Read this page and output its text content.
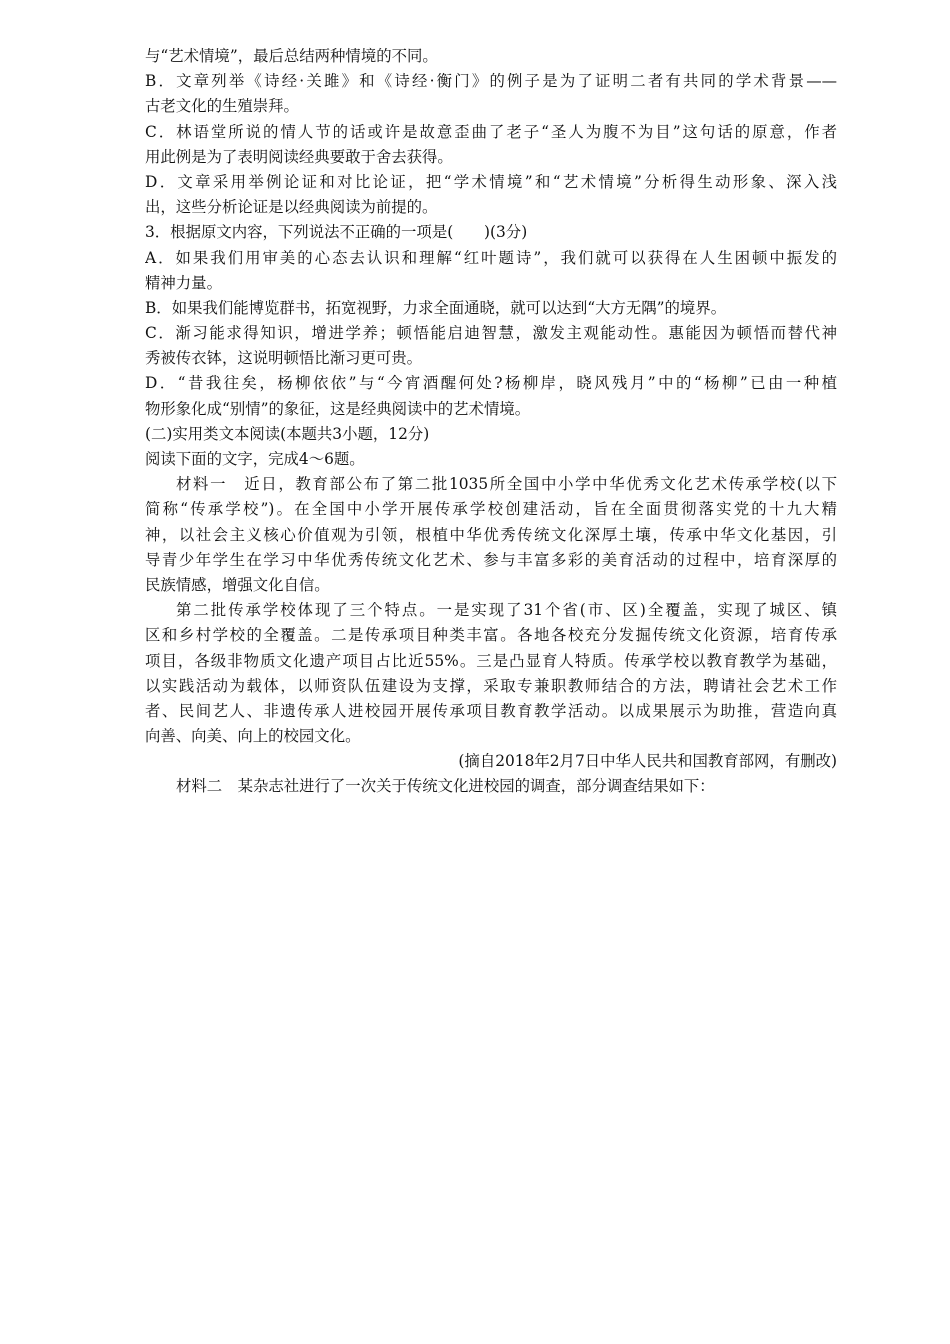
与“艺术情境”，最后总结两种情境的不同。
B．文章列举《诗经·关雎》和《诗经·衡门》的例子是为了证明二者有共同的学术背景——
古老文化的生殖崇拜。
C．林语堂所说的情人节的话或许是故意歪曲了老子“圣人为腹不为目”这句话的原意，作者
用此例是为了表明阅读经典要敢于舍去获得。
D．文章采用举例论证和对比论证，把“学术情境”和“艺术情境”分析得生动形象、深入浅
出，这些分析论证是以经典阅读为前提的。
3．根据原文内容，下列说法不正确的一项是(　　)(3分)
A．如果我们用审美的心态去认识和理解“红叶题诗”，我们就可以获得在人生困顿中振发的
精神力量。
B．如果我们能博览群书，拓宽视野，力求全面通晓，就可以达到“大方无隅”的境界。
C．渐习能求得知识，增进学养；顿悟能启迪智慧，激发主观能动性。惠能因为顿悟而替代神
秀被传衣钵，这说明顿悟比渐习更可贵。
D．“昔我往矣，杨柳依依”与“今宵酒醒何处?杨柳岸，晓风残月”中的“杨柳”已由一种植
物形象化成“别情”的象征，这是经典阅读中的艺术情境。
(二)实用类文本阅读(本题共3小题，12分)
阅读下面的文字，完成4～6题。
材料一　近日，教育部公布了第二批1035所全国中小学中华优秀文化艺术传承学校(以下
简称“传承学校”)。在全国中小学开展传承学校创建活动，旨在全面贯彻落实党的十九大精
神，以社会主义核心价值观为引领，根植中华优秀传统文化深厚土壤，传承中华文化基因，引
导青少年学生在学习中华优秀传统文化艺术、参与丰富多彩的美育活动的过程中，培育深厚的
民族情感，增强文化自信。
第二批传承学校体现了三个特点。一是实现了31个省(市、区)全覆盖，实现了城区、镇
区和乡村学校的全覆盖。二是传承项目种类丰富。各地各校充分发掘传统文化资源，培育传承
项目，各级非物质文化遗产项目占比近55%。三是凸显育人特质。传承学校以教育教学为基础，
以实践活动为载体，以师资队伍建设为支撑，采取专兼职教师结合的方法，聘请社会艺术工作
者、民间艺人、非遗传承人进校园开展传承项目教育教学活动。以成果展示为助推，营造向真
向善、向美、向上的校园文化。
(摘自2018年2月7日中华人民共和国教育部网，有删改)
材料二　某杂志社进行了一次关于传统文化进校园的调查，部分调查结果如下：
